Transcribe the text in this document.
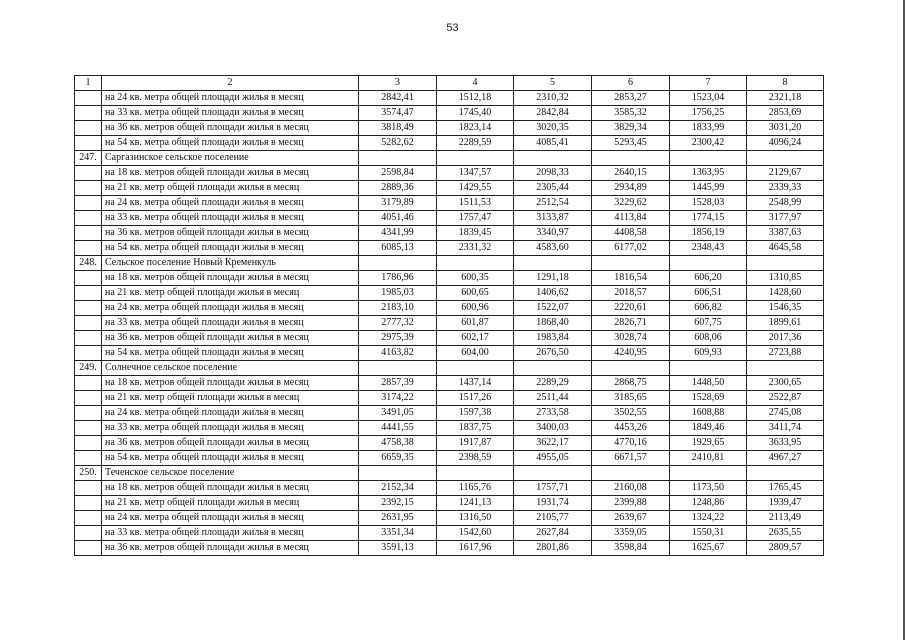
53
1	2	3	4	5	6	7	8
	на 24 кв. метра общей площади жилья в месяц	2842,41	1512,18	2310,32	2853,27	1523,04	2321,18
	на 33 кв. метра общей площади жилья в месяц	3574,47	1745,40	2842,84	3585,32	1756,25	2853,69
	на 36 кв. метров общей площади жилья в месяц	3818,49	1823,14	3020,35	3829,34	1833,99	3031,20
	на 54 кв. метра общей площади жилья в месяц	5282,62	2289,59	4085,41	5293,45	2300,42	4096,24
247.	Саргазинское сельское поселение						
	на 18 кв. метров общей площади жилья в месяц	2598,84	1347,57	2098,33	2640,15	1363,95	2129,67
	на 21 кв. метр общей площади жилья в месяц	2889,36	1429,55	2305,44	2934,89	1445,99	2339,33
	на 24 кв. метра общей площади жилья в месяц	3179,89	1511,53	2512,54	3229,62	1528,03	2548,99
	на 33 кв. метра общей площади жилья в месяц	4051,46	1757,47	3133,87	4113,84	1774,15	3177,97
	на 36 кв. метров общей площади жилья в месяц	4341,99	1839,45	3340,97	4408,58	1856,19	3387,63
	на 54 кв. метра общей площади жилья в месяц	6085,13	2331,32	4583,60	6177,02	2348,43	4645,58
248.	Сельское поселение Новый Кременкуль						
	на 18 кв. метров общей площади жилья в месяц	1786,96	600,35	1291,18	1816,54	606,20	1310,85
	на 21 кв. метр общей площади жилья в месяц	1985,03	600,65	1406,62	2018,57	606,51	1428,60
	на 24 кв. метра общей площади жилья в месяц	2183,10	600,96	1522,07	2220,61	606,82	1546,35
	на 33 кв. метра общей площади жилья в месяц	2777,32	601,87	1868,40	2826,71	607,75	1899,61
	на 36 кв. метров общей площади жилья в месяц	2975,39	602,17	1983,84	3028,74	608,06	2017,36
	на 54 кв. метра общей площади жилья в месяц	4163,82	604,00	2676,50	4240,95	609,93	2723,88
249.	Солнечное сельское поселение						
	на 18 кв. метров общей площади жилья в месяц	2857,39	1437,14	2289,29	2868,75	1448,50	2300,65
	на 21 кв. метр общей площади жилья в месяц	3174,22	1517,26	2511,44	3185,65	1528,69	2522,87
	на 24 кв. метра общей площади жилья в месяц	3491,05	1597,38	2733,58	3502,55	1608,88	2745,08
	на 33 кв. метра общей площади жилья в месяц	4441,55	1837,75	3400,03	4453,26	1849,46	3411,74
	на 36 кв. метров общей площади жилья в месяц	4758,38	1917,87	3622,17	4770,16	1929,65	3633,95
	на 54 кв. метра общей площади жилья в месяц	6659,35	2398,59	4955,05	6671,57	2410,81	4967,27
250.	Теченское сельское поселение						
	на 18 кв. метров общей площади жилья в месяц	2152,34	1165,76	1757,71	2160,08	1173,50	1765,45
	на 21 кв. метр общей площади жилья в месяц	2392,15	1241,13	1931,74	2399,88	1248,86	1939,47
	на 24 кв. метра общей площади жилья в месяц	2631,95	1316,50	2105,77	2639,67	1324,22	2113,49
	на 33 кв. метра общей площади жилья в месяц	3351,34	1542,60	2627,84	3359,05	1550,31	2635,55
	на 36 кв. метров общей площади жилья в месяц	3591,13	1617,96	2801,86	3598,84	1625,67	2809,57
